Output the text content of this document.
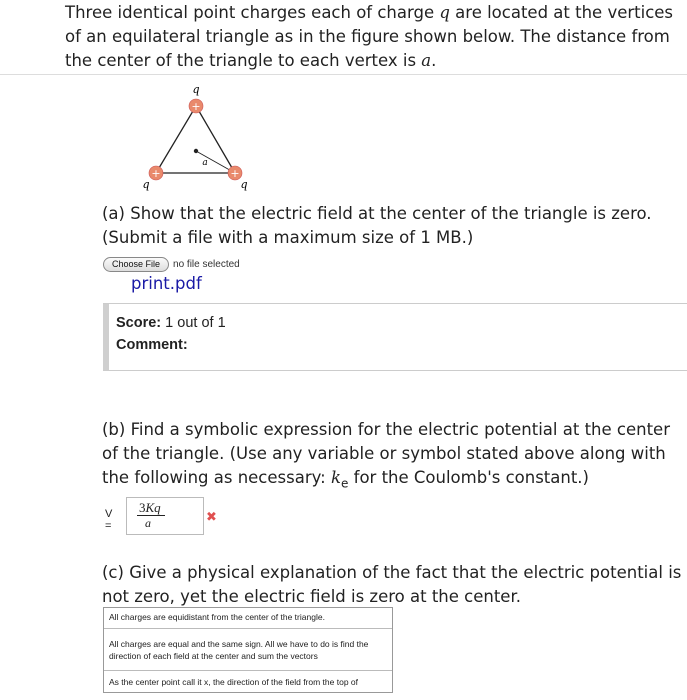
Three identical point charges each of charge q are located at the vertices of an equilateral triangle as in the figure shown below. The distance from the center of the triangle to each vertex is a.

+
+	+
q
q	q
a
(a) Show that the electric field at the center of the triangle is zero. (Submit a file with a maximum size of 1 MB.)
Choose File	no file selected
print.pdf
Score: 1 out of 1
Comment:
(b) Find a symbolic expression for the electric potential at the center of the triangle. (Use any variable or symbol stated above along with the following as necessary: $k_e$ for the Coulomb's constant.)
V =
3Kq
a	✖
(c) Give a physical explanation of the fact that the electric potential is not zero, yet the electric field is zero at the center.
All charges are equidistant from the center of the triangle.
All charges are equal and the same sign. All we have to do is find the direction of each field at the center and sum the vectors
As the center point call it x, the direction of the field from the top of
